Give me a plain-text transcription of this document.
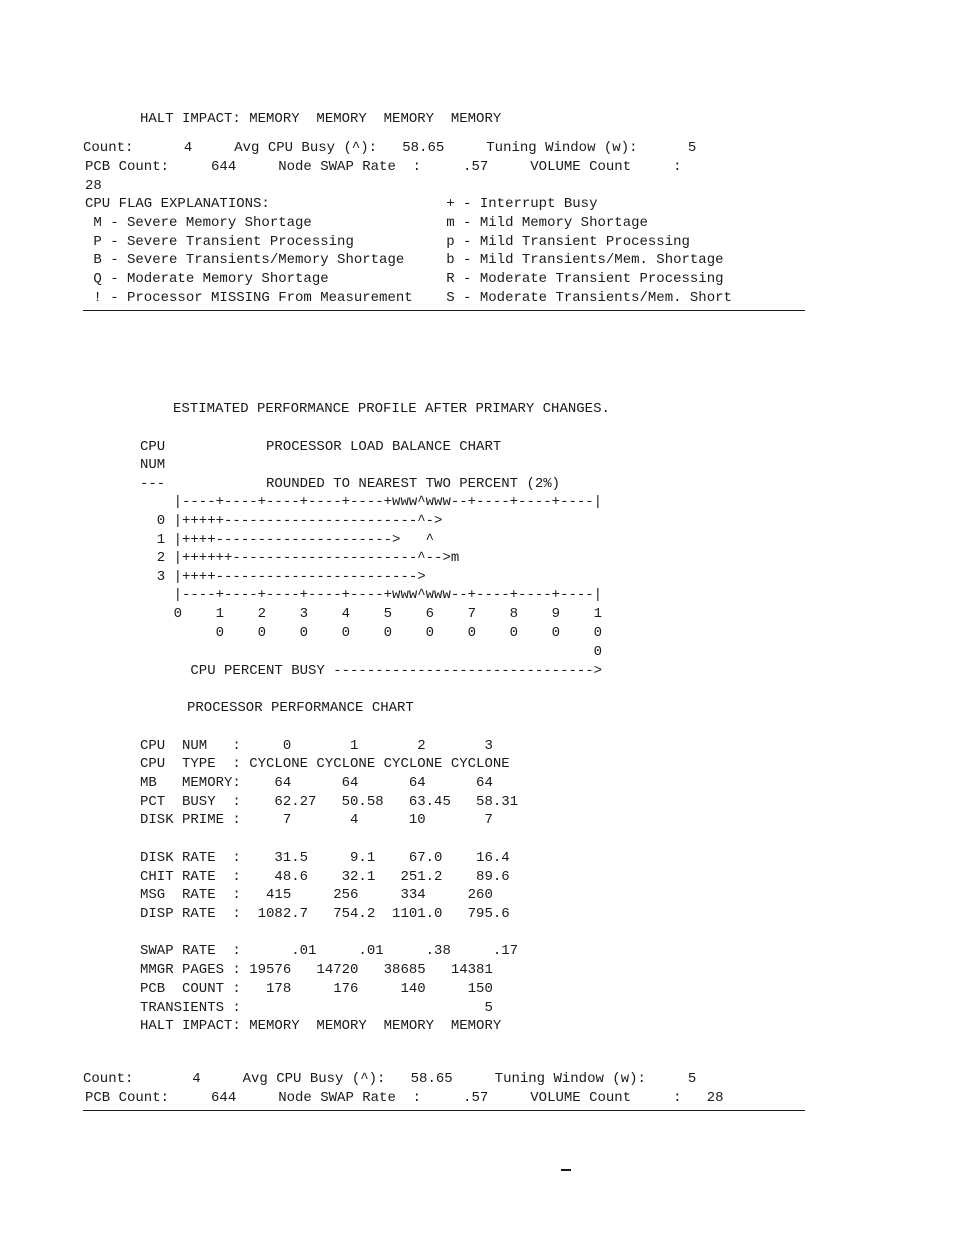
HALT IMPACT: MEMORY  MEMORY  MEMORY  MEMORY
Count:      4     Avg CPU Busy (^):   58.65     Tuning Window (w):      5
PCB Count:     644     Node SWAP Rate  :     .57     VOLUME Count     :
28
CPU FLAG EXPLANATIONS:                     + - Interrupt Busy
M - Severe Memory Shortage                m - Mild Memory Shortage
P - Severe Transient Processing           p - Mild Transient Processing
B - Severe Transients/Memory Shortage     b - Mild Transients/Mem. Shortage
Q - Moderate Memory Shortage              R - Moderate Transient Processing
! - Processor MISSING From Measurement    S - Moderate Transients/Mem. Short
ESTIMATED PERFORMANCE PROFILE AFTER PRIMARY CHANGES.
CPU            PROCESSOR LOAD BALANCE CHART
NUM
---            ROUNDED TO NEAREST TWO PERCENT (2%)
|----+----+----+----+----+www^www--+----+----+----|
0 |+++++-----------------------^->
1 |++++--------------------->   ^
2 |++++++----------------------^-->m
3 |++++------------------------>
|----+----+----+----+----+www^www--+----+----+----|
0    1    2    3    4    5    6    7    8    9    1
0    0    0    0    0    0    0    0    0    0
0
CPU PERCENT BUSY ------------------------------->
PROCESSOR PERFORMANCE CHART
CPU  NUM   :     0       1       2       3
CPU  TYPE  : CYCLONE CYCLONE CYCLONE CYCLONE
MB   MEMORY:    64      64      64      64
PCT  BUSY  :    62.27   50.58   63.45   58.31
DISK PRIME :     7       4      10       7
DISK RATE  :    31.5     9.1    67.0    16.4
CHIT RATE  :    48.6    32.1   251.2    89.6
MSG  RATE  :   415     256     334     260
DISP RATE  :  1082.7   754.2  1101.0   795.6
SWAP RATE  :      .01     .01     .38     .17
MMGR PAGES : 19576   14720   38685   14381
PCB  COUNT :   178     176     140     150
TRANSIENTS :                             5
HALT IMPACT: MEMORY  MEMORY  MEMORY  MEMORY
Count:       4     Avg CPU Busy (^):   58.65     Tuning Window (w):     5
PCB Count:     644     Node SWAP Rate  :     .57     VOLUME Count     :   28
